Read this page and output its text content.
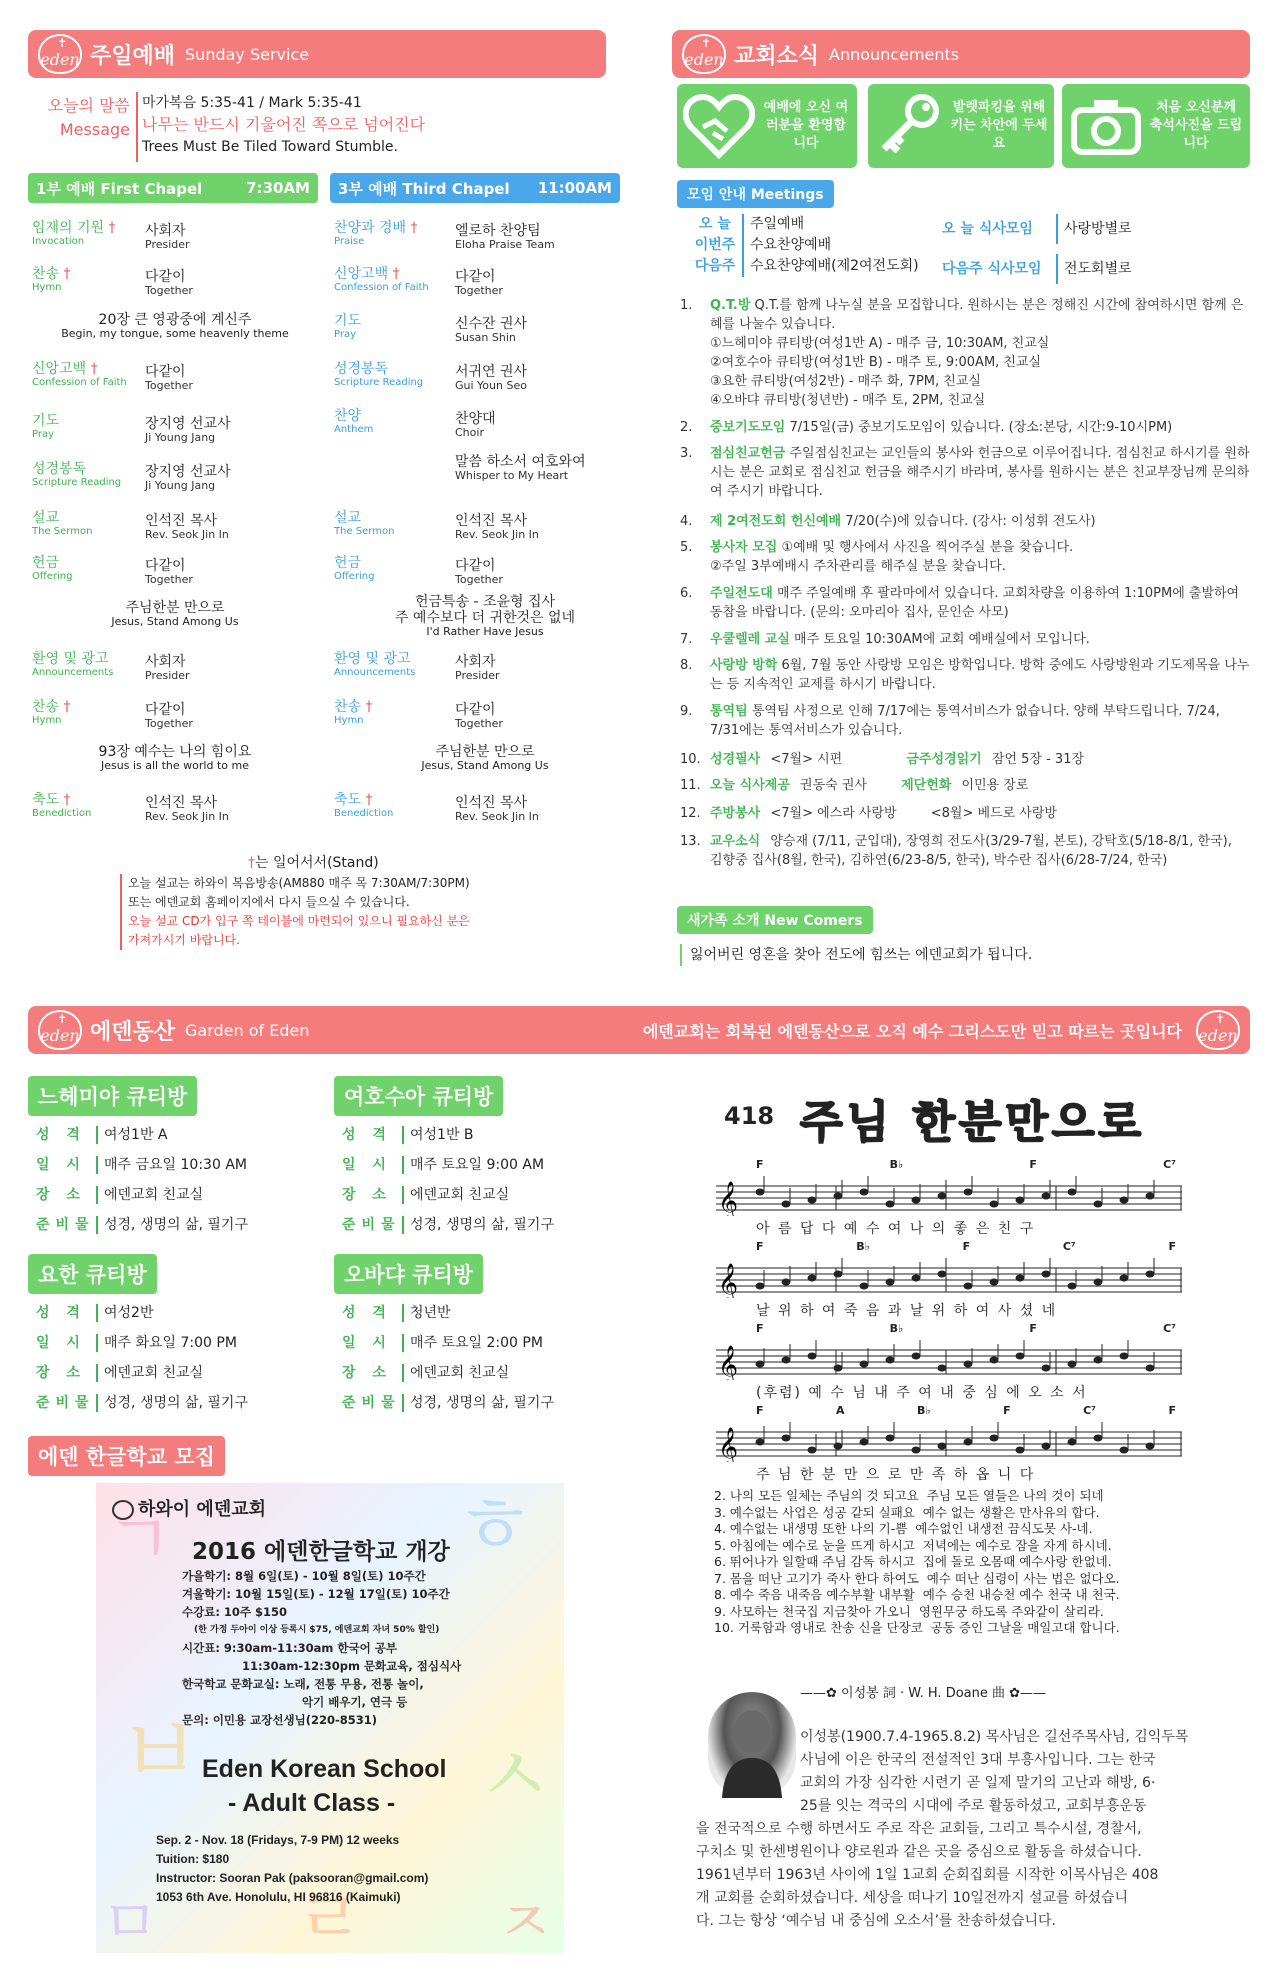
✝ eden 주일예배 Sunday Service
오늘의 말씀
Message
마가복음 5:35-41 / Mark 5:35-41
나무는 반드시 기울어진 쪽으로 넘어진다
Trees Must Be Tiled Toward Stumble.
1부 예배 First Chapel	7:30AM 3부 예배 Third Chapel 11:00AM
임재의 기원 †
Invocation
사회자
Presider
찬송 †
Hymn
다같이
Together
신앙고백 †
Confession of Faith
다같이
Together
기도
Pray
장지영 선교사
Ji Young Jang
성경봉독
Scripture Reading
장지영 선교사
Ji Young Jang
설교
The Sermon
인석진 목사
Rev. Seok Jin In
헌금
Offering
다같이
Together
환영 및 광고
Announcements
사회자
Presider
찬송 †
Hymn
다같이
Together
축도 †
Benediction
인석진 목사
Rev. Seok Jin In
찬양과 경배 †
Praise
엘로하 찬양팀
Eloha Praise Team
신앙고백 †
Confession of Faith
다같이
Together
기도
Pray
신수잔 권사
Susan Shin
성경봉독
Scripture Reading
서귀연 권사
Gui Youn Seo
찬양
Anthem
찬양대
Choir
설교
The Sermon
인석진 목사
Rev. Seok Jin In
헌금
Offering
다같이
Together
환영 및 광고
Announcements
사회자
Presider
찬송 †
Hymn
다같이
Together
축도 †
Benediction
인석진 목사
Rev. Seok Jin In
20장 큰 영광중에 계신주
Begin, my tongue, some heavenly theme
주님한분 만으로
Jesus, Stand Among Us
93장 예수는 나의 힘이요
Jesus is all the world to me
말씀 하소서 여호와여
Whisper to My Heart
헌금특송 - 조윤형 집사
주 예수보다 더 귀한것은 없네
I'd Rather Have Jesus
주님한분 만으로
Jesus, Stand Among Us
†는 일어서서(Stand)
오늘 설교는 하와이 복음방송(AM880 매주 목 7:30AM/7:30PM)
또는 에덴교회 홈페이지에서 다시 들으실 수 있습니다.
오늘 설교 CD가 입구 쪽 테이블에 마련되어 있으니 필요하신 분은
가져가시기 바랍니다.
✝ eden 교회소식 Announcements
예배에 오신 여러분을 환영합니다
발렛파킹을 위해 키는 차안에 두세요
처음 오신분께 축석사진을 드립니다
모임 안내 Meetings
오 늘	주일예배
이번주	수요찬양예배
다음주	수요찬양예배(제2여전도회)
오 늘 식사모임	사랑방별로
다음주 식사모임	전도회별로
1. Q.T.방 Q.T.를 함께 나누실 분을 모집합니다. 원하시는 분은 정해진 시간에 참여하시면 함께 은혜를 나눌수 있습니다.
①느헤미야 큐티방(여성1반 A) - 매주 금, 10:30AM, 친교실
②여호수아 큐티방(여성1반 B) - 매주 토, 9:00AM, 친교실
③요한 큐티방(여성2반) - 매주 화, 7PM, 친교실
④오바댜 큐티방(청년반) - 매주 토, 2PM, 친교실
2. 중보기도모임 7/15일(금) 중보기도모임이 있습니다. (장소:본당, 시간:9-10시PM)
3. 점심친교헌금 주일점심친교는 교인들의 봉사와 헌금으로 이루어집니다. 점심친교 하시기를 원하시는 분은 교회로 점심친교 헌금을 해주시기 바라며, 봉사를 원하시는 분은 친교부장님께 문의하여 주시기 바랍니다.
4. 제 2여전도회 헌신예배 7/20(수)에 있습니다. (강사: 이성휘 전도사)
5. 봉사자 모집 ①예배 및 행사에서 사진을 찍어주실 분을 찾습니다.
②주일 3부예배시 주차관리를 해주실 분을 찾습니다.
6. 주일전도대 매주 주일예배 후 팔라마에서 있습니다. 교회차량을 이용하여 1:10PM에 출발하여 동참을 바랍니다. (문의: 오마리아 집사, 문인순 사모)
7. 우쿨렐레 교실 매주 토요일 10:30AM에 교회 예배실에서 모입니다.
8. 사랑방 방학 6월, 7월 동안 사랑방 모임은 방학입니다. 방학 중에도 사랑방원과 기도제목을 나누는 등 지속적인 교제를 하시기 바랍니다.
9. 통역팀 통역팀 사정으로 인해 7/17에는 통역서비스가 없습니다. 양해 부탁드립니다. 7/24, 7/31에는 통역서비스가 있습니다.
10. 성경필사 <7월> 시편	금주성경읽기 잠언 5장 - 31장
11. 오늘 식사제공 권동숙 권사	제단헌화 이민용 장로
12. 주방봉사 <7월> 에스라 사랑방	<8월> 베드로 사랑방
13. 교우소식 양승재 (7/11, 군입대), 장영희 전도사(3/29-7월, 본토), 강탁호(5/18-8/1, 한국), 김향중 집사(8월, 한국), 김하연(6/23-8/5, 한국), 박수란 집사(6/28-7/24, 한국)
새가족 소개 New Comers
잃어버린 영혼을 찾아 전도에 힘쓰는 에덴교회가 됩니다.
✝ eden 에덴동산 Garden of Eden	에덴교회는 회복된 에덴동산으로 오직 예수 그리스도만 믿고 따르는 곳입니다
✝ eden
느헤미야 큐티방
성 격	여성1반 A
일 시	매주 금요일 10:30 AM
장 소	에덴교회 친교실
준비물 성경, 생명의 삶, 필기구
여호수아 큐티방
성 격	여성1반 B
일 시	매주 토요일 9:00 AM
장 소	에덴교회 친교실
준비물 성경, 생명의 삶, 필기구
요한 큐티방
성 격	여성2반
일 시	매주 화요일 7:00 PM
장 소	에덴교회 친교실
준비물 성경, 생명의 삶, 필기구
오바댜 큐티방
성 격	청년반
일 시	매주 토요일 2:00 PM
장 소	에덴교회 친교실
준비물 성경, 생명의 삶, 필기구
에덴 한글학교 모집
ㄱ	ㅎ
ㅂ	ㅅ
ㄹ
ㅁ	ㅈ
하와이 에덴교회
2016 에덴한글학교 개강
가을학기: 8월 6일(토) - 10월 8일(토) 10주간
겨울학기: 10월 15일(토) - 12월 17일(토) 10주간
수강료: 10주 $150
(한 가정 두아이 이상 등록시 $75, 에덴교회 자녀 50% 할인)
시간표: 9:30am-11:30am 한국어 공부
11:30am-12:30pm 문화교육, 점심식사
한국학교 문화교실: 노래, 전통 무용, 전통 놀이,
악기 배우기, 연극 등
문의: 이민용 교장선생님(220-8531)
Eden Korean School
- Adult Class -
Sep. 2 - Nov. 18 (Fridays, 7-9 PM) 12 weeks
Tuition: $180
Instructor: Sooran Pak (paksooran@gmail.com)
1053 6th Ave. Honolulu, HI 96816 (Kaimuki)
418 주님 한분만으로
F	B♭	F	C⁷
𝄞
아 름 답 다 예 수 여 나 의 좋 은 친 구
F	B♭	F	C⁷	F
𝄞
날 위 하 여 죽 음 과 날 위 하 여 사 셨 네
F	B♭	F	C⁷
𝄞
(후렴) 예 수 님 내 주 여 내 중 심 에 오 소 서
F	A	B♭	F	C⁷	F
𝄞
주 님 한 분 만 으 로 만 족 하 옵 니 다
2. 나의 모든 일체는 주님의 것 되고요  주님 모든 열들은 나의 것이 되네
3. 예수없는 사업은 성공 같되 실패요  예수 없는 생활은 만사유의 합다.
4. 예수없는 내생명 또한 나의 기-쁨  예수없인 내생전 끔식도못 사-네.
5. 아침에는 예수로 눈을 뜨게 하시고  저녁에는 예수로 잠을 자게 하시네.
6. 뛰어나가 일할때 주님 감독 하시고  집에 돌로 오몸때 예수사랑 한없네.
7. 몸을 떠난 고기가 죽사 한다 하여도  예수 떠난 심령이 사는 법은 없다오.
8. 예수 죽음 내죽음 예수부활 내부활  예수 승천 내승천 예수 천국 내 천국.
9. 사모하는 천국집 지금찾아 가오니  영원무궁 하도록 주와같이 살리라.
10. 거룩함과 영내로 찬송 신을 단장코  공동 증인 그날을 매일고대 합니다.
——✿ 이성봉 詞 · W. H. Doane 曲 ✿——
이성봉(1900.7.4-1965.8.2) 목사님은 길선주목사님, 김익두목
사님에 이은 한국의 전설적인 3대 부흥사입니다. 그는 한국
교회의 가장 심각한 시련기 곧 일제 말기의 고난과 해방, 6·
25를 잇는 격국의 시대에 주로 활동하셨고, 교회부흥운동
을 전국적으로 수행 하면서도 주로 작은 교회들, 그리고 특수시설, 경찰서,
구치소 및 한센병원이나 양로원과 같은 곳을 중심으로 활동을 하셨습니다.
1961년부터 1963년 사이에 1일 1교회 순회집회를 시작한 이목사님은 408
개 교회를 순회하셨습니다. 세상을 떠나기 10일전까지 설교를 하셨습니
다. 그는 항상 ‘예수님 내 중심에 오소서’를 찬송하셨습니다.
